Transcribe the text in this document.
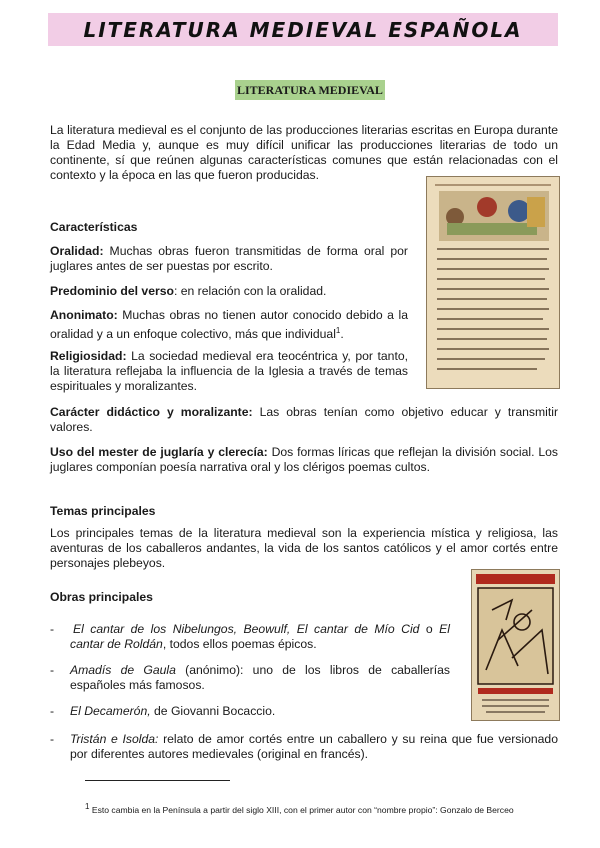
LITERATURA MEDIEVAL ESPAÑOLA
LITERATURA MEDIEVAL
La literatura medieval es el conjunto de las producciones literarias escritas en Europa durante la Edad Media y, aunque es muy difícil unificar las producciones literarias de todo un continente, sí que reúnen algunas características comunes que están relacionadas con el contexto y la época en las que fueron producidas.
Características
Oralidad: Muchas obras fueron transmitidas de forma oral por juglares antes de ser puestas por escrito.
Predominio del verso: en relación con la oralidad.
Anonimato: Muchas obras no tienen autor conocido debido a la oralidad y a un enfoque colectivo, más que individual$^1$.
Religiosidad: La sociedad medieval era teocéntrica y, por tanto, la literatura reflejaba la influencia de la Iglesia a través de temas espirituales y moralizantes.
Carácter didáctico y moralizante: Las obras tenían como objetivo educar y transmitir valores.
Uso del mester de juglaría y clerecía: Dos formas líricas que reflejan la división social. Los juglares componían poesía narrativa oral y los clérigos poemas cultos.
Temas principales
Los principales temas de la literatura medieval son la experiencia mística y religiosa, las aventuras de los caballeros andantes, la vida de los santos católicos y el amor cortés entre personajes plebeyos.
Obras principales
- El cantar de los Nibelungos, Beowulf, El cantar de Mío Cid o El cantar de Roldán, todos ellos poemas épicos.
- Amadís de Gaula (anónimo): uno de los libros de caballerías españoles más famosos.
- El Decamerón, de Giovanni Bocaccio.
- Tristán e Isolda: relato de amor cortés entre un caballero y su reina que fue versionado por diferentes autores medievales (original en francés).
$^1$ Esto cambia en la Península a partir del siglo XIII, con el primer autor con “nombre propio”: Gonzalo de Berceo
